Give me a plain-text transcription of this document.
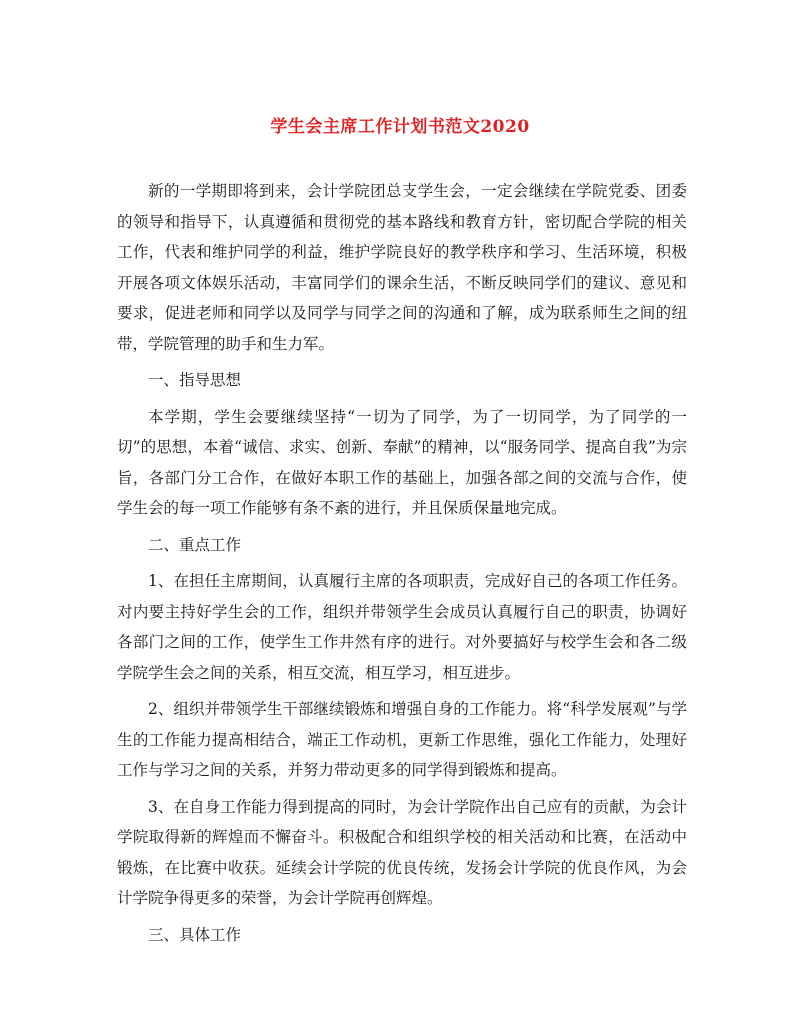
学生会主席工作计划书范文2020

新的一学期即将到来，会计学院团总支学生会，一定会继续在学院党委、团委的领导和指导下，认真遵循和贯彻党的基本路线和教育方针，密切配合学院的相关工作，代表和维护同学的利益，维护学院良好的教学秩序和学习、生活环境，积极开展各项文体娱乐活动，丰富同学们的课余生活，不断反映同学们的建议、意见和要求，促进老师和同学以及同学与同学之间的沟通和了解，成为联系师生之间的纽带，学院管理的助手和生力军。

一、指导思想

本学期，学生会要继续坚持“一切为了同学，为了一切同学，为了同学的一切”的思想，本着“诚信、求实、创新、奉献”的精神，以“服务同学、提高自我”为宗旨，各部门分工合作，在做好本职工作的基础上，加强各部之间的交流与合作，使学生会的每一项工作能够有条不紊的进行，并且保质保量地完成。

二、重点工作

1、在担任主席期间，认真履行主席的各项职责，完成好自己的各项工作任务。对内要主持好学生会的工作，组织并带领学生会成员认真履行自己的职责，协调好各部门之间的工作，使学生工作井然有序的进行。对外要搞好与校学生会和各二级学院学生会之间的关系，相互交流，相互学习，相互进步。

2、组织并带领学生干部继续锻炼和增强自身的工作能力。将“科学发展观”与学生的工作能力提高相结合，端正工作动机，更新工作思维，强化工作能力，处理好工作与学习之间的关系，并努力带动更多的同学得到锻炼和提高。

3、在自身工作能力得到提高的同时，为会计学院作出自己应有的贡献，为会计学院取得新的辉煌而不懈奋斗。积极配合和组织学校的相关活动和比赛，在活动中锻炼，在比赛中收获。延续会计学院的优良传统，发扬会计学院的优良作风，为会计学院争得更多的荣誉，为会计学院再创辉煌。

三、具体工作
